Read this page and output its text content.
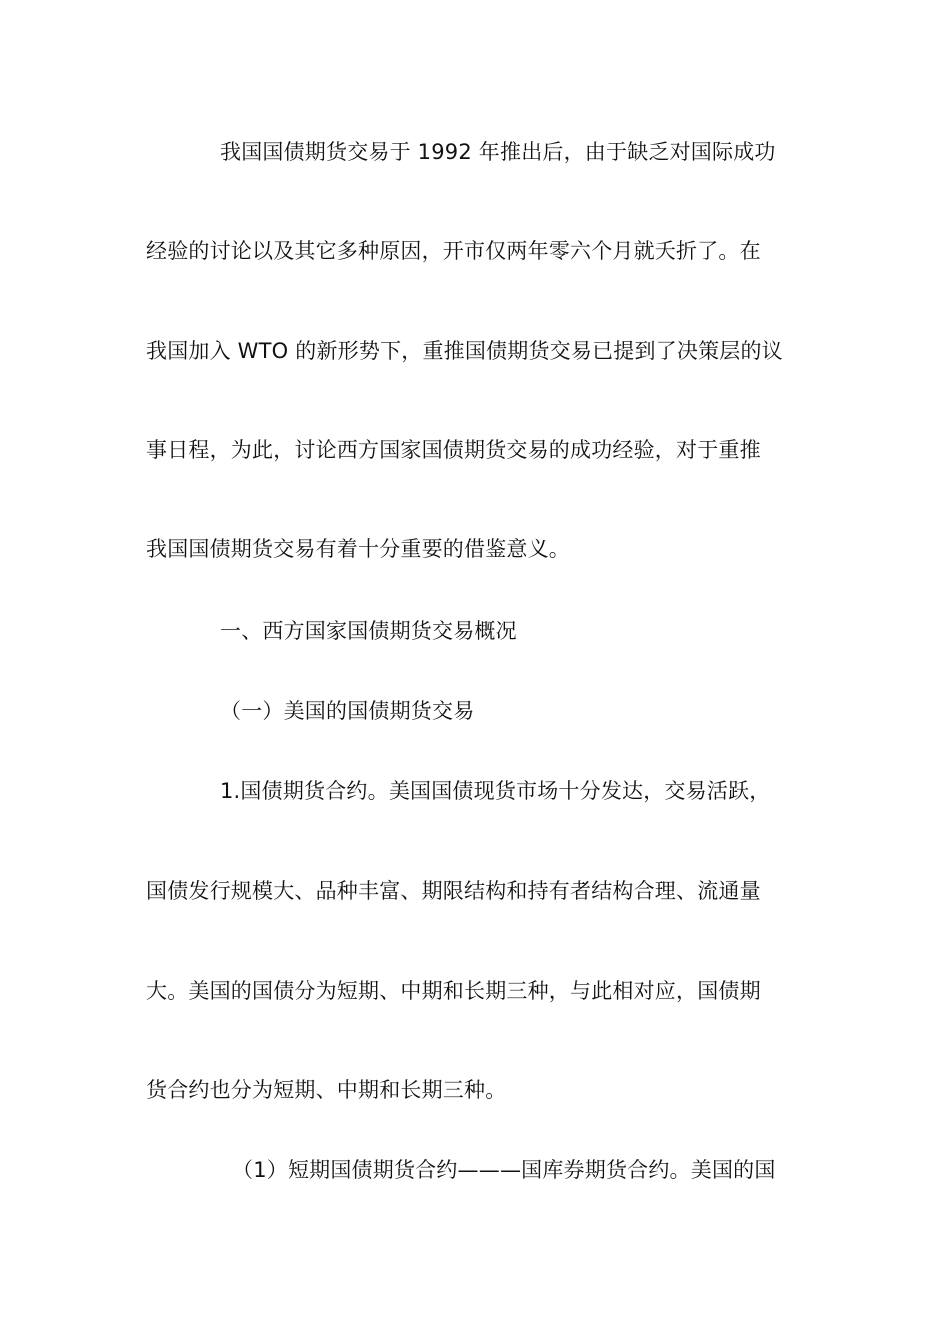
我国国债期货交易于 1992 年推出后，由于缺乏对国际成功
经验的讨论以及其它多种原因，开市仅两年零六个月就夭折了。在
我国加入 WTO 的新形势下，重推国债期货交易已提到了决策层的议
事日程，为此，讨论西方国家国债期货交易的成功经验，对于重推
我国国债期货交易有着十分重要的借鉴意义。
一、西方国家国债期货交易概况
（一）美国的国债期货交易
1.国债期货合约。美国国债现货市场十分发达，交易活跃，
国债发行规模大、品种丰富、期限结构和持有者结构合理、流通量
大。美国的国债分为短期、中期和长期三种，与此相对应，国债期
货合约也分为短期、中期和长期三种。
（1）短期国债期货合约———国库券期货合约。美国的国
